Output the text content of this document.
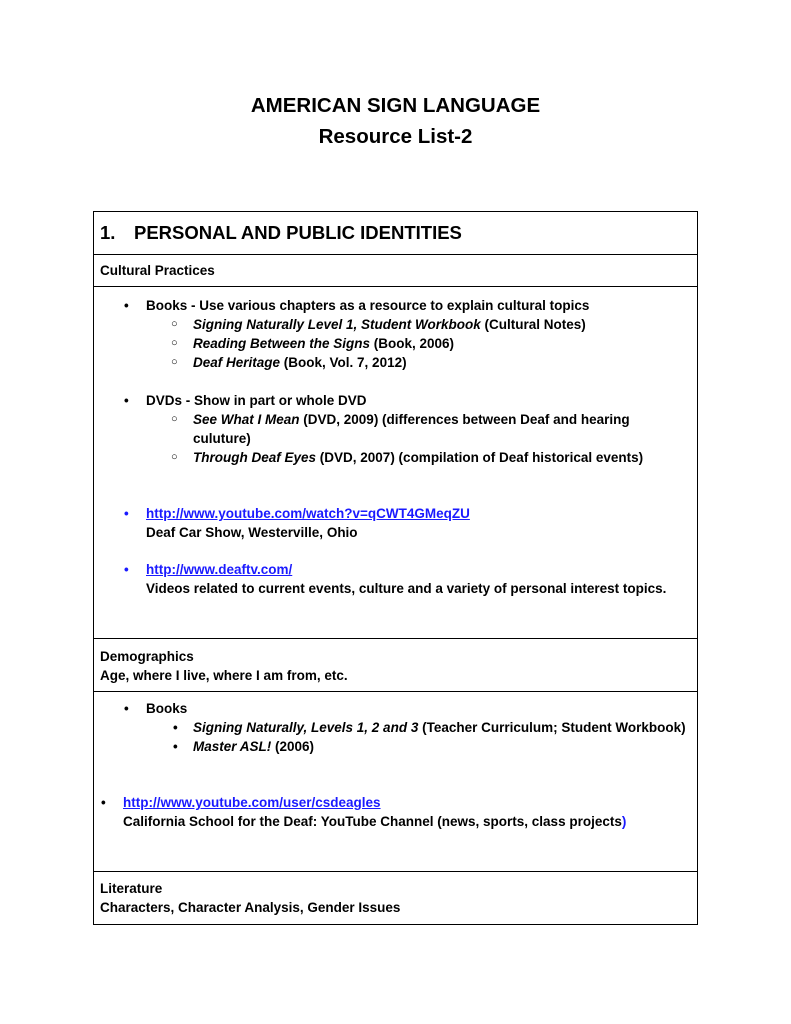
AMERICAN SIGN LANGUAGE
Resource List-2
1. PERSONAL AND PUBLIC IDENTITIES

Cultural Practices

• Books - Use various chapters as a resource to explain cultural topics
○ Signing Naturally Level 1, Student Workbook (Cultural Notes)
○ Reading Between the Signs (Book, 2006)
○ Deaf Heritage (Book, Vol. 7, 2012)
• DVDs - Show in part or whole DVD
○ See What I Mean (DVD, 2009) (differences between Deaf and hearing culuture)
○ Through Deaf Eyes (DVD, 2007) (compilation of Deaf historical events)
• http://www.youtube.com/watch?v=qCWT4GMeqZU
Deaf Car Show, Westerville, Ohio
• http://www.deaftv.com/
Videos related to current events, culture and a variety of personal interest topics.

Demographics
Age, where I live, where I am from, etc.

• Books
• Signing Naturally, Levels 1, 2 and 3 (Teacher Curriculum; Student Workbook)
• Master ASL! (2006)
• http://www.youtube.com/user/csdeagles
California School for the Deaf: YouTube Channel (news, sports, class projects)

Literature
Characters, Character Analysis, Gender Issues
